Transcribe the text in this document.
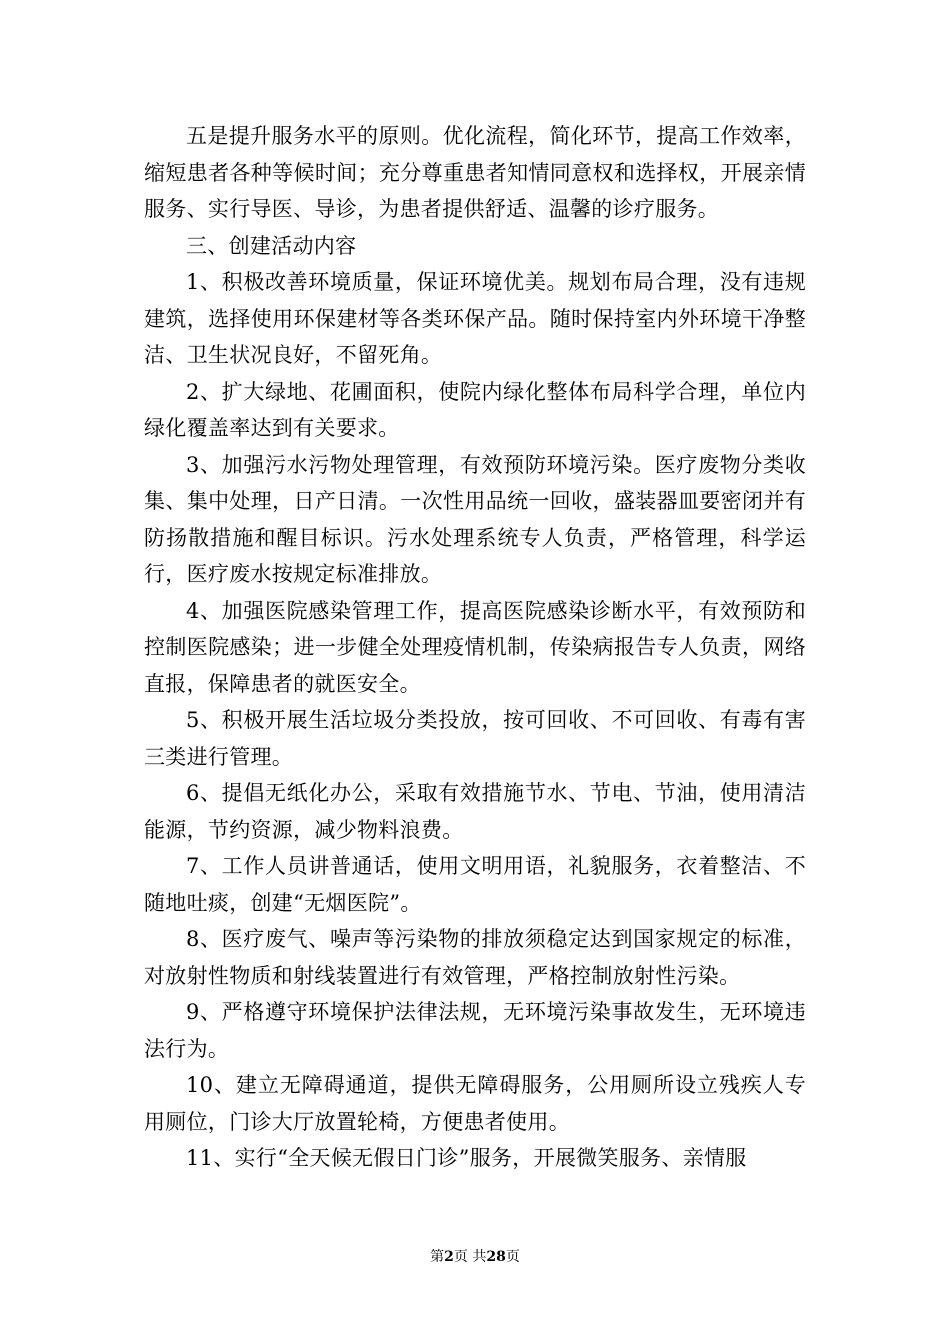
五是提升服务水平的原则。优化流程，简化环节，提高工作效率，缩短患者各种等候时间；充分尊重患者知情同意权和选择权，开展亲情服务、实行导医、导诊，为患者提供舒适、温馨的诊疗服务。

三、创建活动内容

1、积极改善环境质量，保证环境优美。规划布局合理，没有违规建筑，选择使用环保建材等各类环保产品。随时保持室内外环境干净整洁、卫生状况良好，不留死角。

2、扩大绿地、花圃面积，使院内绿化整体布局科学合理，单位内绿化覆盖率达到有关要求。

3、加强污水污物处理管理，有效预防环境污染。医疗废物分类收集、集中处理，日产日清。一次性用品统一回收，盛装器皿要密闭并有防扬散措施和醒目标识。污水处理系统专人负责，严格管理，科学运行，医疗废水按规定标准排放。

4、加强医院感染管理工作，提高医院感染诊断水平，有效预防和控制医院感染；进一步健全处理疫情机制，传染病报告专人负责，网络直报，保障患者的就医安全。

5、积极开展生活垃圾分类投放，按可回收、不可回收、有毒有害三类进行管理。

6、提倡无纸化办公，采取有效措施节水、节电、节油，使用清洁能源，节约资源，减少物料浪费。

7、工作人员讲普通话，使用文明用语，礼貌服务，衣着整洁、不随地吐痰，创建“无烟医院”。

8、医疗废气、噪声等污染物的排放须稳定达到国家规定的标准，对放射性物质和射线装置进行有效管理，严格控制放射性污染。

9、严格遵守环境保护法律法规，无环境污染事故发生，无环境违法行为。

10、建立无障碍通道，提供无障碍服务，公用厕所设立残疾人专用厕位，门诊大厅放置轮椅，方便患者使用。

11、实行“全天候无假日门诊”服务，开展微笑服务、亲情服

第2页 共28页
